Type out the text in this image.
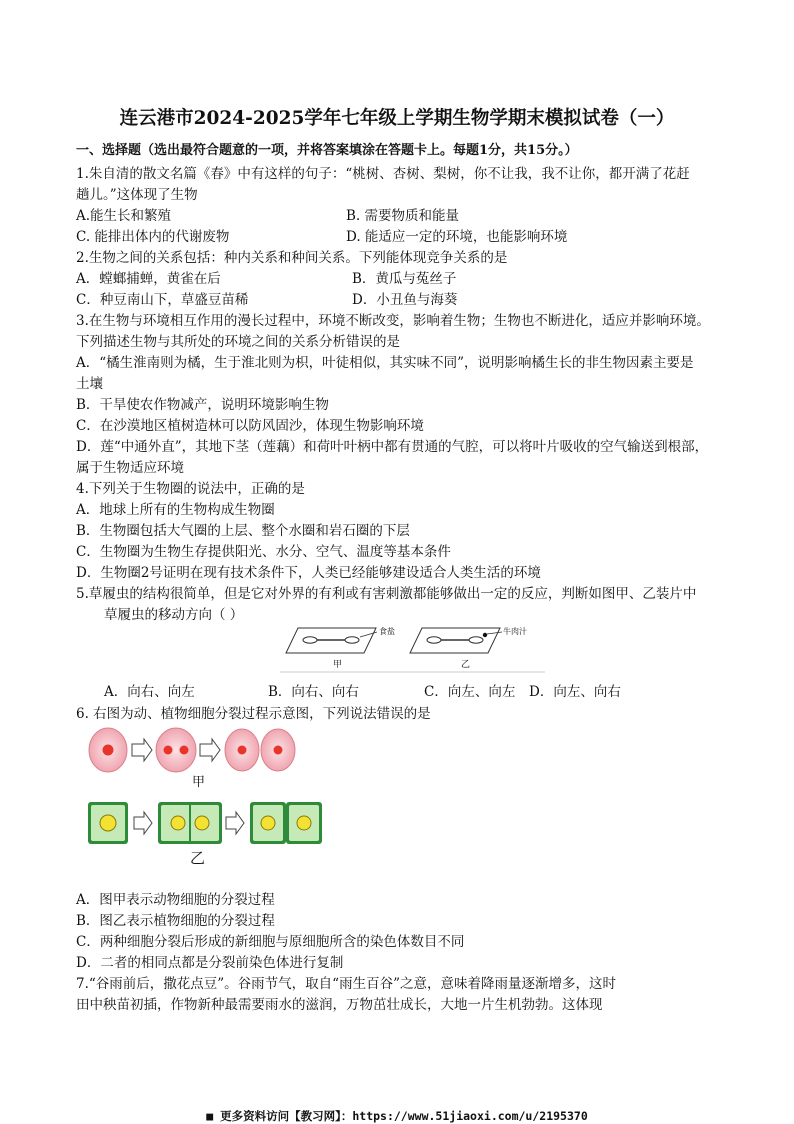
连云港市2024-2025学年七年级上学期生物学期末模拟试卷（一）
一、选择题（选出最符合题意的一项，并将答案填涂在答题卡上。每题1分，共15分。）
1.朱自清的散文名篇《春》中有这样的句子：“桃树、杏树、梨树，你不让我，我不让你，都开满了花赶
趟儿。”这体现了生物
A.能生长和繁殖	B. 需要物质和能量
C. 能排出体内的代谢废物	D. 能适应一定的环境，也能影响环境
2.生物之间的关系包括：种内关系和种间关系。下列能体现竞争关系的是
A．螳螂捕蝉，黄雀在后	B．黄瓜与菟丝子
C．种豆南山下，草盛豆苗稀	D．小丑鱼与海葵
3.在生物与环境相互作用的漫长过程中，环境不断改变，影响着生物；生物也不断进化，适应并影响环境。
下列描述生物与其所处的环境之间的关系分析错误的是
A．“橘生淮南则为橘，生于淮北则为枳，叶徒相似，其实味不同”，说明影响橘生长的非生物因素主要是
土壤
B．干旱使农作物减产，说明环境影响生物
C．在沙漠地区植树造林可以防风固沙，体现生物影响环境
D．莲“中通外直”，其地下茎（莲藕）和荷叶叶柄中都有贯通的气腔，可以将叶片吸收的空气输送到根部，
属于生物适应环境
4.下列关于生物圈的说法中，正确的是
A．地球上所有的生物构成生物圈
B．生物圈包括大气圈的上层、整个水圈和岩石圈的下层
C．生物圈为生物生存提供阳光、水分、空气、温度等基本条件
D．生物圈2号证明在现有技术条件下，人类已经能够建设适合人类生活的环境
5.草履虫的结构很简单，但是它对外界的有利或有害刺激都能够做出一定的反应，判断如图甲、乙装片中
草履虫的移动方向（ ）
食盐	牛肉汁
甲	乙
A．向右、向左	B．向右、向右	C．向左、向左 D．向左、向右
6. 右图为动、植物细胞分裂过程示意图，下列说法错误的是
甲
乙
A．图甲表示动物细胞的分裂过程
B．图乙表示植物细胞的分裂过程
C．两种细胞分裂后形成的新细胞与原细胞所含的染色体数目不同
D．二者的相同点都是分裂前染色体进行复制
7.“谷雨前后，撒花点豆”。谷雨节气，取自“雨生百谷”之意，意味着降雨量逐渐增多，这时
田中秧苗初插，作物新种最需要雨水的滋润，万物茁壮成长，大地一片生机勃勃。这体现
■ 更多资料访问【教习网】：https://www.51jiaoxi.com/u/2195370
